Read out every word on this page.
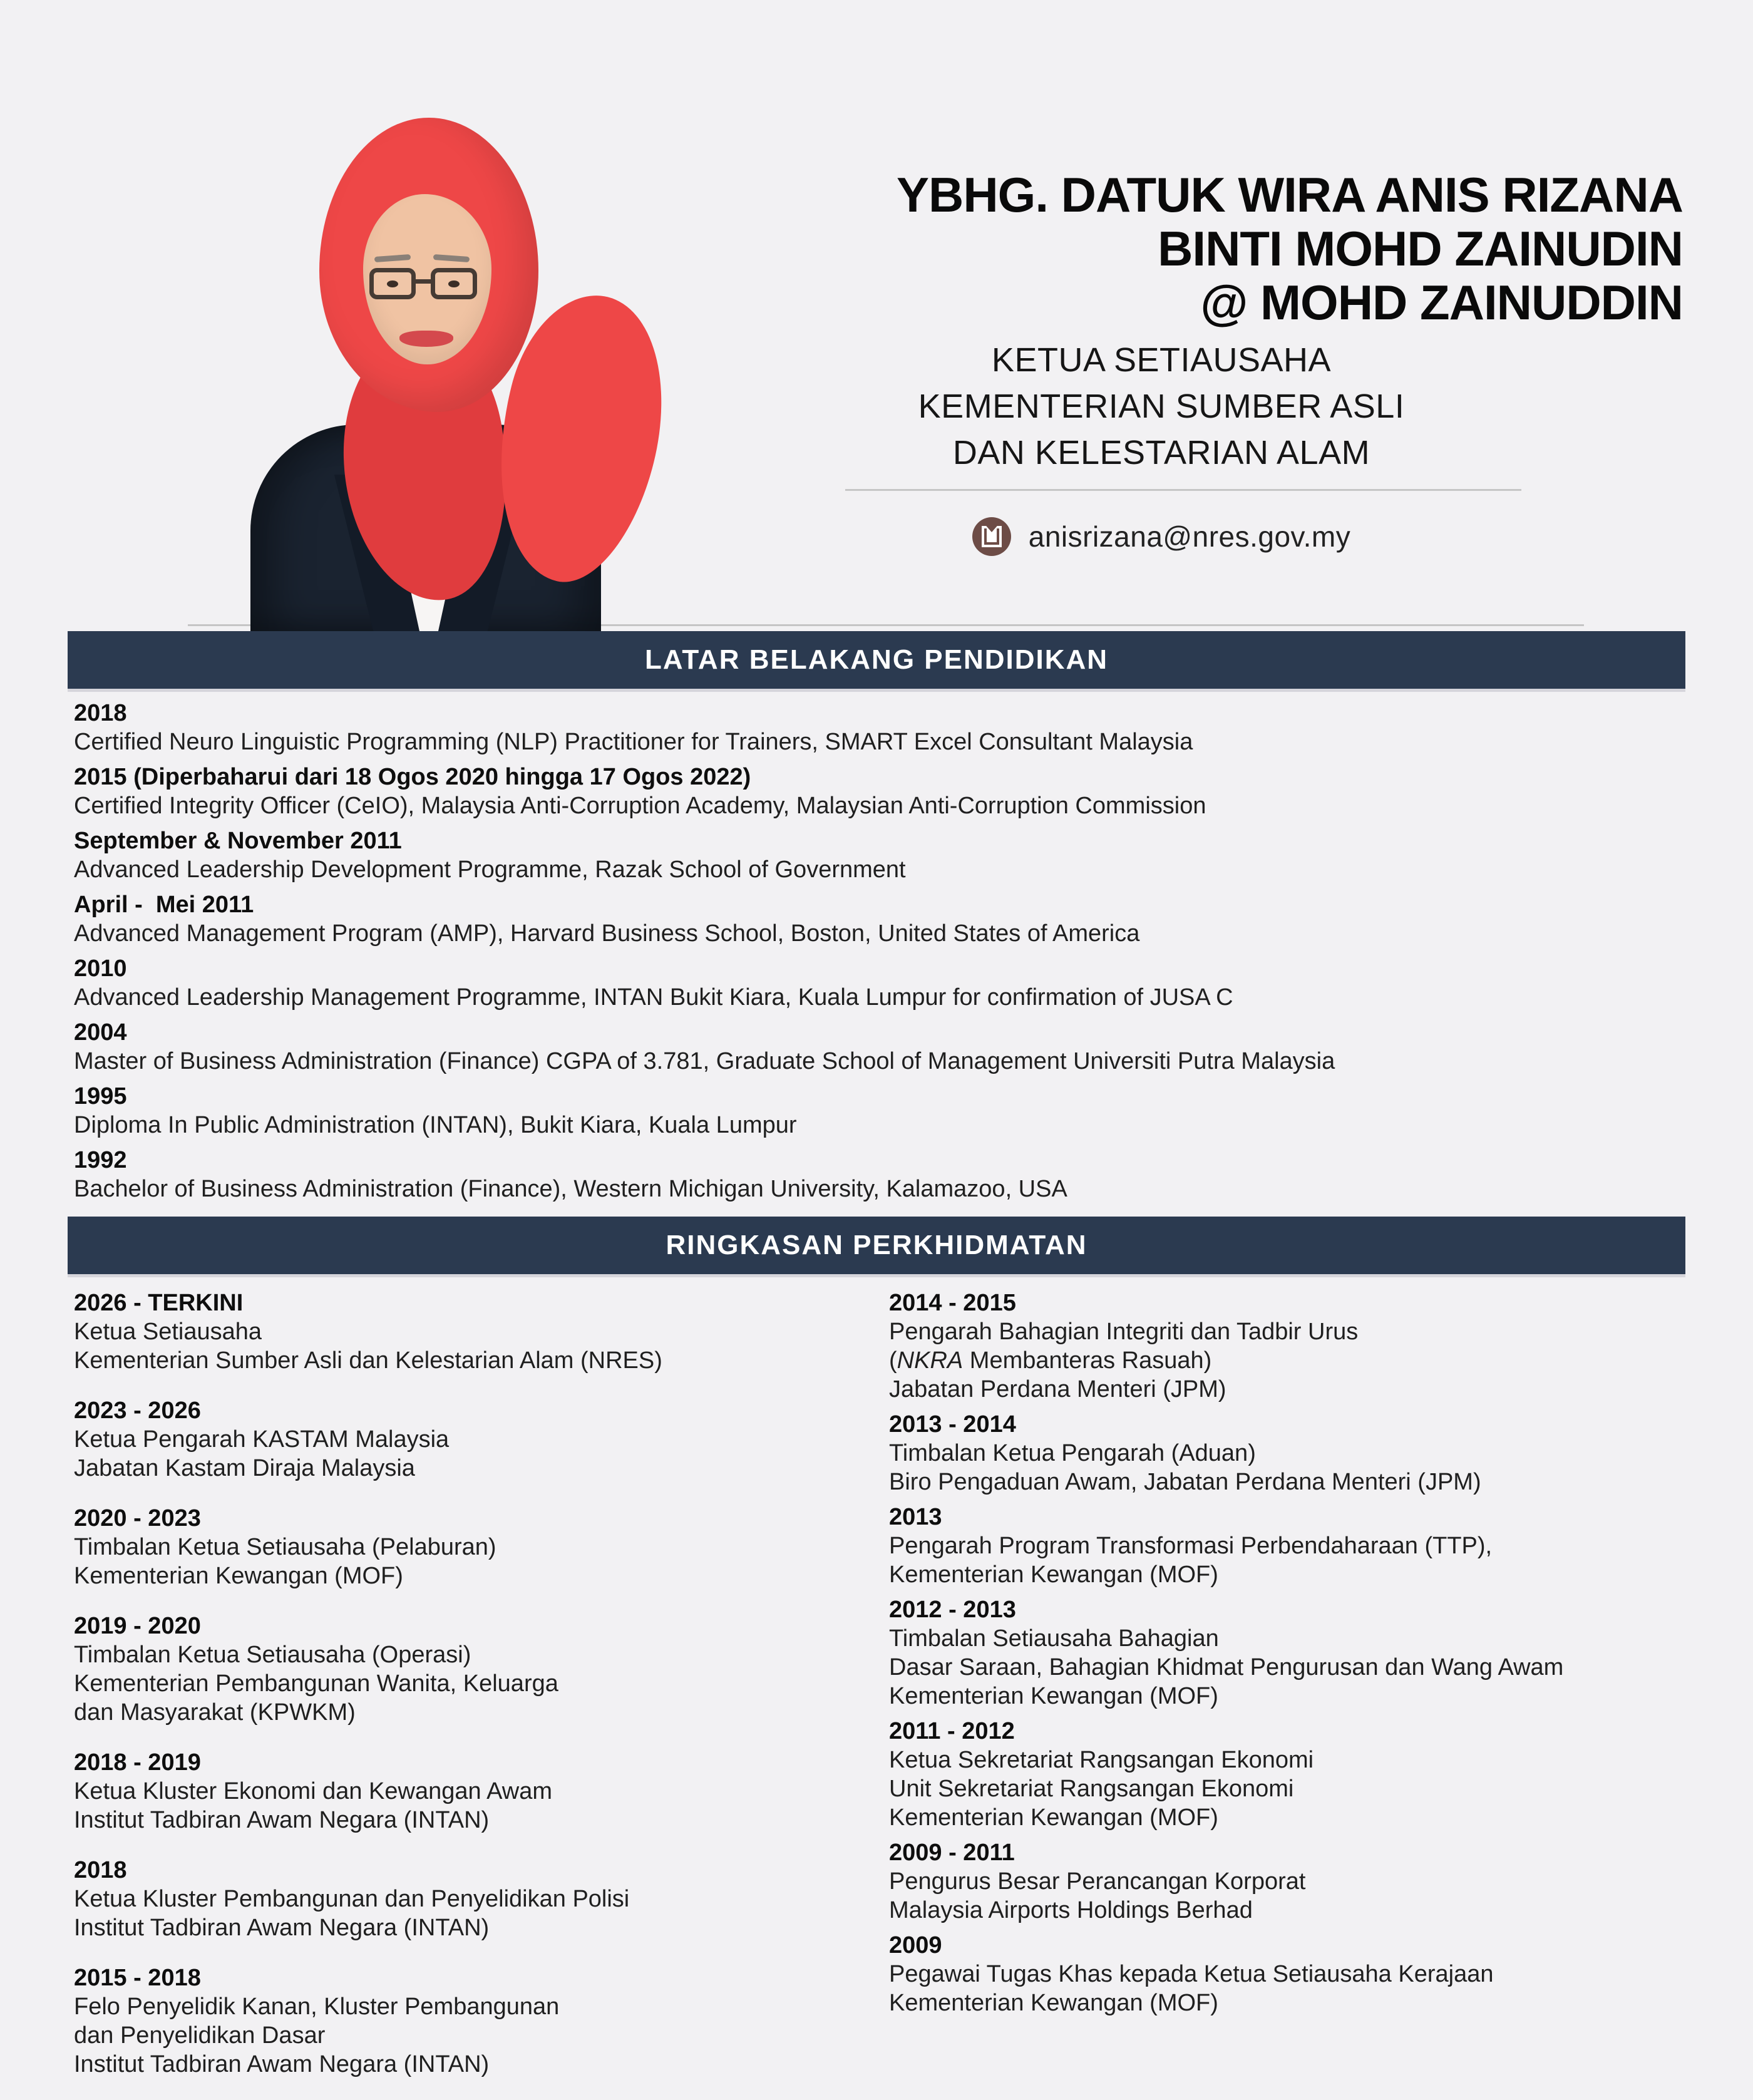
YBHG. DATUK WIRA ANIS RIZANA
BINTI MOHD ZAINUDIN
@ MOHD ZAINUDDIN
KETUA SETIAUSAHA
KEMENTERIAN SUMBER ASLI
DAN KELESTARIAN ALAM
anisrizana@nres.gov.my
LATAR BELAKANG PENDIDIKAN
2018
Certified Neuro Linguistic Programming (NLP) Practitioner for Trainers, SMART Excel Consultant Malaysia
2015 (Diperbaharui dari 18 Ogos 2020 hingga 17 Ogos 2022)
Certified Integrity Officer (CeIO), Malaysia Anti-Corruption Academy, Malaysian Anti-Corruption Commission
September & November 2011
Advanced Leadership Development Programme, Razak School of Government
April -  Mei 2011
Advanced Management Program (AMP), Harvard Business School, Boston, United States of America
2010
Advanced Leadership Management Programme, INTAN Bukit Kiara, Kuala Lumpur for confirmation of JUSA C
2004
Master of Business Administration (Finance) CGPA of 3.781, Graduate School of Management Universiti Putra Malaysia
1995
Diploma In Public Administration (INTAN), Bukit Kiara, Kuala Lumpur
1992
Bachelor of Business Administration (Finance), Western Michigan University, Kalamazoo, USA
RINGKASAN PERKHIDMATAN
2026 - TERKINI
Ketua Setiausaha
Kementerian Sumber Asli dan Kelestarian Alam (NRES)
2023 - 2026
Ketua Pengarah KASTAM Malaysia
Jabatan Kastam Diraja Malaysia
2020 - 2023
Timbalan Ketua Setiausaha (Pelaburan)
Kementerian Kewangan (MOF)
2019 - 2020
Timbalan Ketua Setiausaha (Operasi)
Kementerian Pembangunan Wanita, Keluarga
dan Masyarakat (KPWKM)
2018 - 2019
Ketua Kluster Ekonomi dan Kewangan Awam
Institut Tadbiran Awam Negara (INTAN)
2018
Ketua Kluster Pembangunan dan Penyelidikan Polisi
Institut Tadbiran Awam Negara (INTAN)
2015 - 2018
Felo Penyelidik Kanan, Kluster Pembangunan
dan Penyelidikan Dasar
Institut Tadbiran Awam Negara (INTAN)
2014 - 2015
Pengarah Bahagian Integriti dan Tadbir Urus
(NKRA Membanteras Rasuah)
Jabatan Perdana Menteri (JPM)
2013 - 2014
Timbalan Ketua Pengarah (Aduan)
Biro Pengaduan Awam, Jabatan Perdana Menteri (JPM)
2013
Pengarah Program Transformasi Perbendaharaan (TTP),
Kementerian Kewangan (MOF)
2012 - 2013
Timbalan Setiausaha Bahagian
Dasar Saraan, Bahagian Khidmat Pengurusan dan Wang Awam
Kementerian Kewangan (MOF)
2011 - 2012
Ketua Sekretariat Rangsangan Ekonomi
Unit Sekretariat Rangsangan Ekonomi
Kementerian Kewangan (MOF)
2009 - 2011
Pengurus Besar Perancangan Korporat
Malaysia Airports Holdings Berhad
2009
Pegawai Tugas Khas kepada Ketua Setiausaha Kerajaan
Kementerian Kewangan (MOF)
